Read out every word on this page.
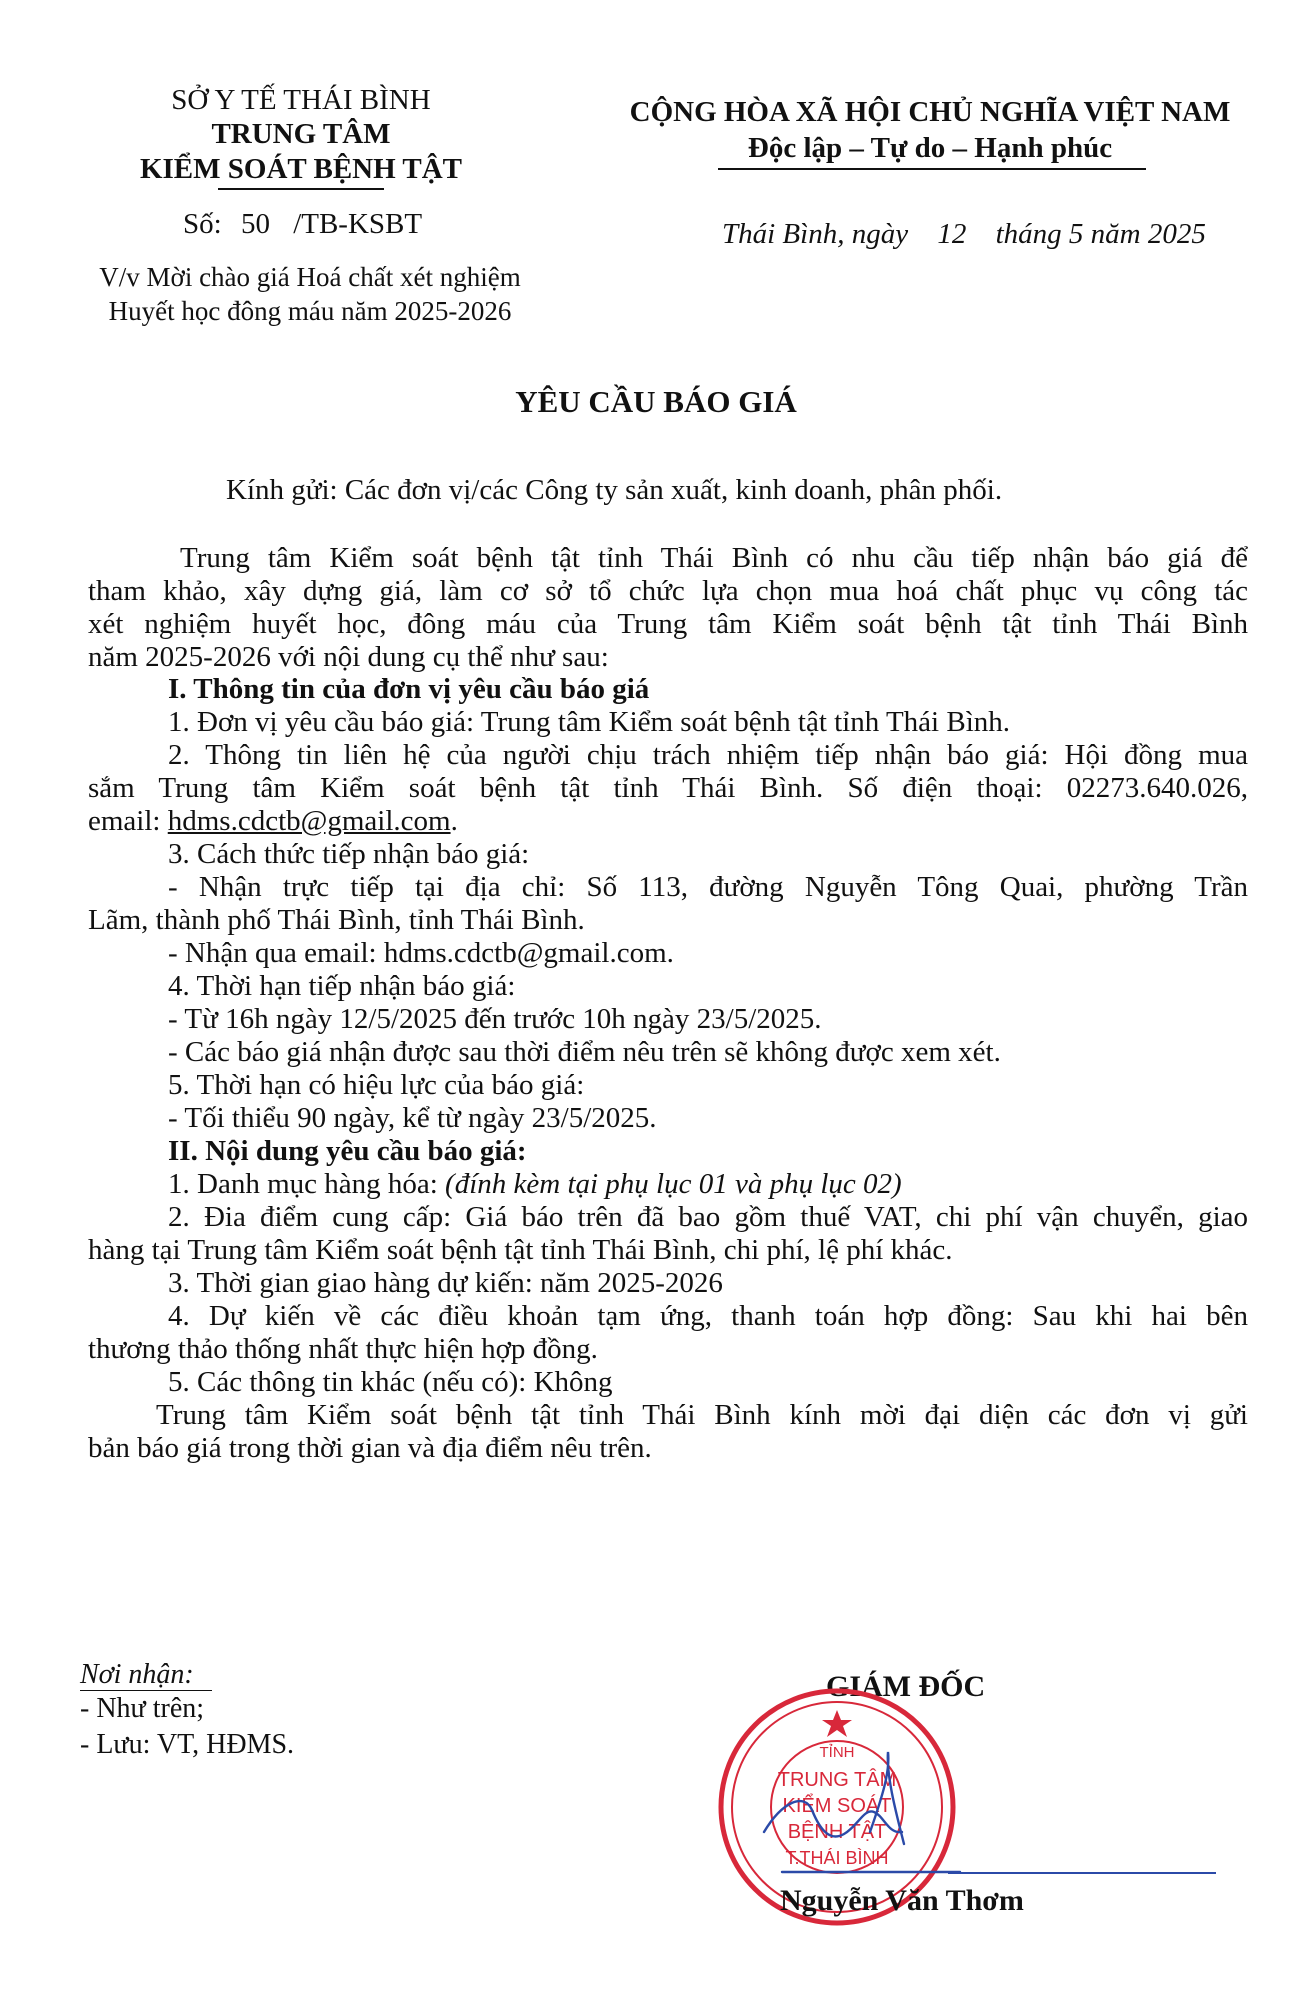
SỞ Y TẾ THÁI BÌNH
TRUNG TÂM
KIỂM SOÁT BỆNH TẬT
Số: 50 /TB-KSBT
V/v Mời chào giá Hoá chất xét nghiệm
Huyết học đông máu năm 2025-2026
CỘNG HÒA XÃ HỘI CHỦ NGHĨA VIỆT NAM
Độc lập – Tự do – Hạnh phúc
Thái Bình, ngày 12 tháng 5 năm 2025
YÊU CẦU BÁO GIÁ
Kính gửi: Các đơn vị/các Công ty sản xuất, kinh doanh, phân phối.
Trung tâm Kiểm soát bệnh tật tỉnh Thái Bình có nhu cầu tiếp nhận báo giá để
tham khảo, xây dựng giá, làm cơ sở tổ chức lựa chọn mua hoá chất phục vụ công tác
xét nghiệm huyết học, đông máu của Trung tâm Kiểm soát bệnh tật tỉnh Thái Bình
năm 2025-2026 với nội dung cụ thể như sau:
I. Thông tin của đơn vị yêu cầu báo giá
1. Đơn vị yêu cầu báo giá: Trung tâm Kiểm soát bệnh tật tỉnh Thái Bình.
2. Thông tin liên hệ của người chịu trách nhiệm tiếp nhận báo giá: Hội đồng mua
sắm Trung tâm Kiểm soát bệnh tật tỉnh Thái Bình. Số điện thoại: 02273.640.026,
email: hdms.cdctb@gmail.com.
3. Cách thức tiếp nhận báo giá:
- Nhận trực tiếp tại địa chỉ: Số 113, đường Nguyễn Tông Quai, phường Trần
Lãm, thành phố Thái Bình, tỉnh Thái Bình.
- Nhận qua email: hdms.cdctb@gmail.com.
4. Thời hạn tiếp nhận báo giá:
- Từ 16h ngày 12/5/2025 đến trước 10h ngày 23/5/2025.
- Các báo giá nhận được sau thời điểm nêu trên sẽ không được xem xét.
5. Thời hạn có hiệu lực của báo giá:
- Tối thiểu 90 ngày, kể từ ngày 23/5/2025.
II. Nội dung yêu cầu báo giá:
1. Danh mục hàng hóa: (đính kèm tại phụ lục 01 và phụ lục 02)
2. Đia điểm cung cấp: Giá báo trên đã bao gồm thuế VAT, chi phí vận chuyển, giao
hàng tại Trung tâm Kiểm soát bệnh tật tỉnh Thái Bình, chi phí, lệ phí khác.
3. Thời gian giao hàng dự kiến: năm 2025-2026
4. Dự kiến về các điều khoản tạm ứng, thanh toán hợp đồng: Sau khi hai bên
thương thảo thống nhất thực hiện hợp đồng.
5. Các thông tin khác (nếu có): Không
Trung tâm Kiểm soát bệnh tật tỉnh Thái Bình kính mời đại diện các đơn vị gửi
bản báo giá trong thời gian và địa điểm nêu trên.
Nơi nhận:
- Như trên;
- Lưu: VT, HĐMS.
GIÁM ĐỐC
TỈNH
TRUNG TÂM
KIỂM SOÁT
BỆNH TẬT
T.THÁI BÌNH
Nguyễn Văn Thơm
